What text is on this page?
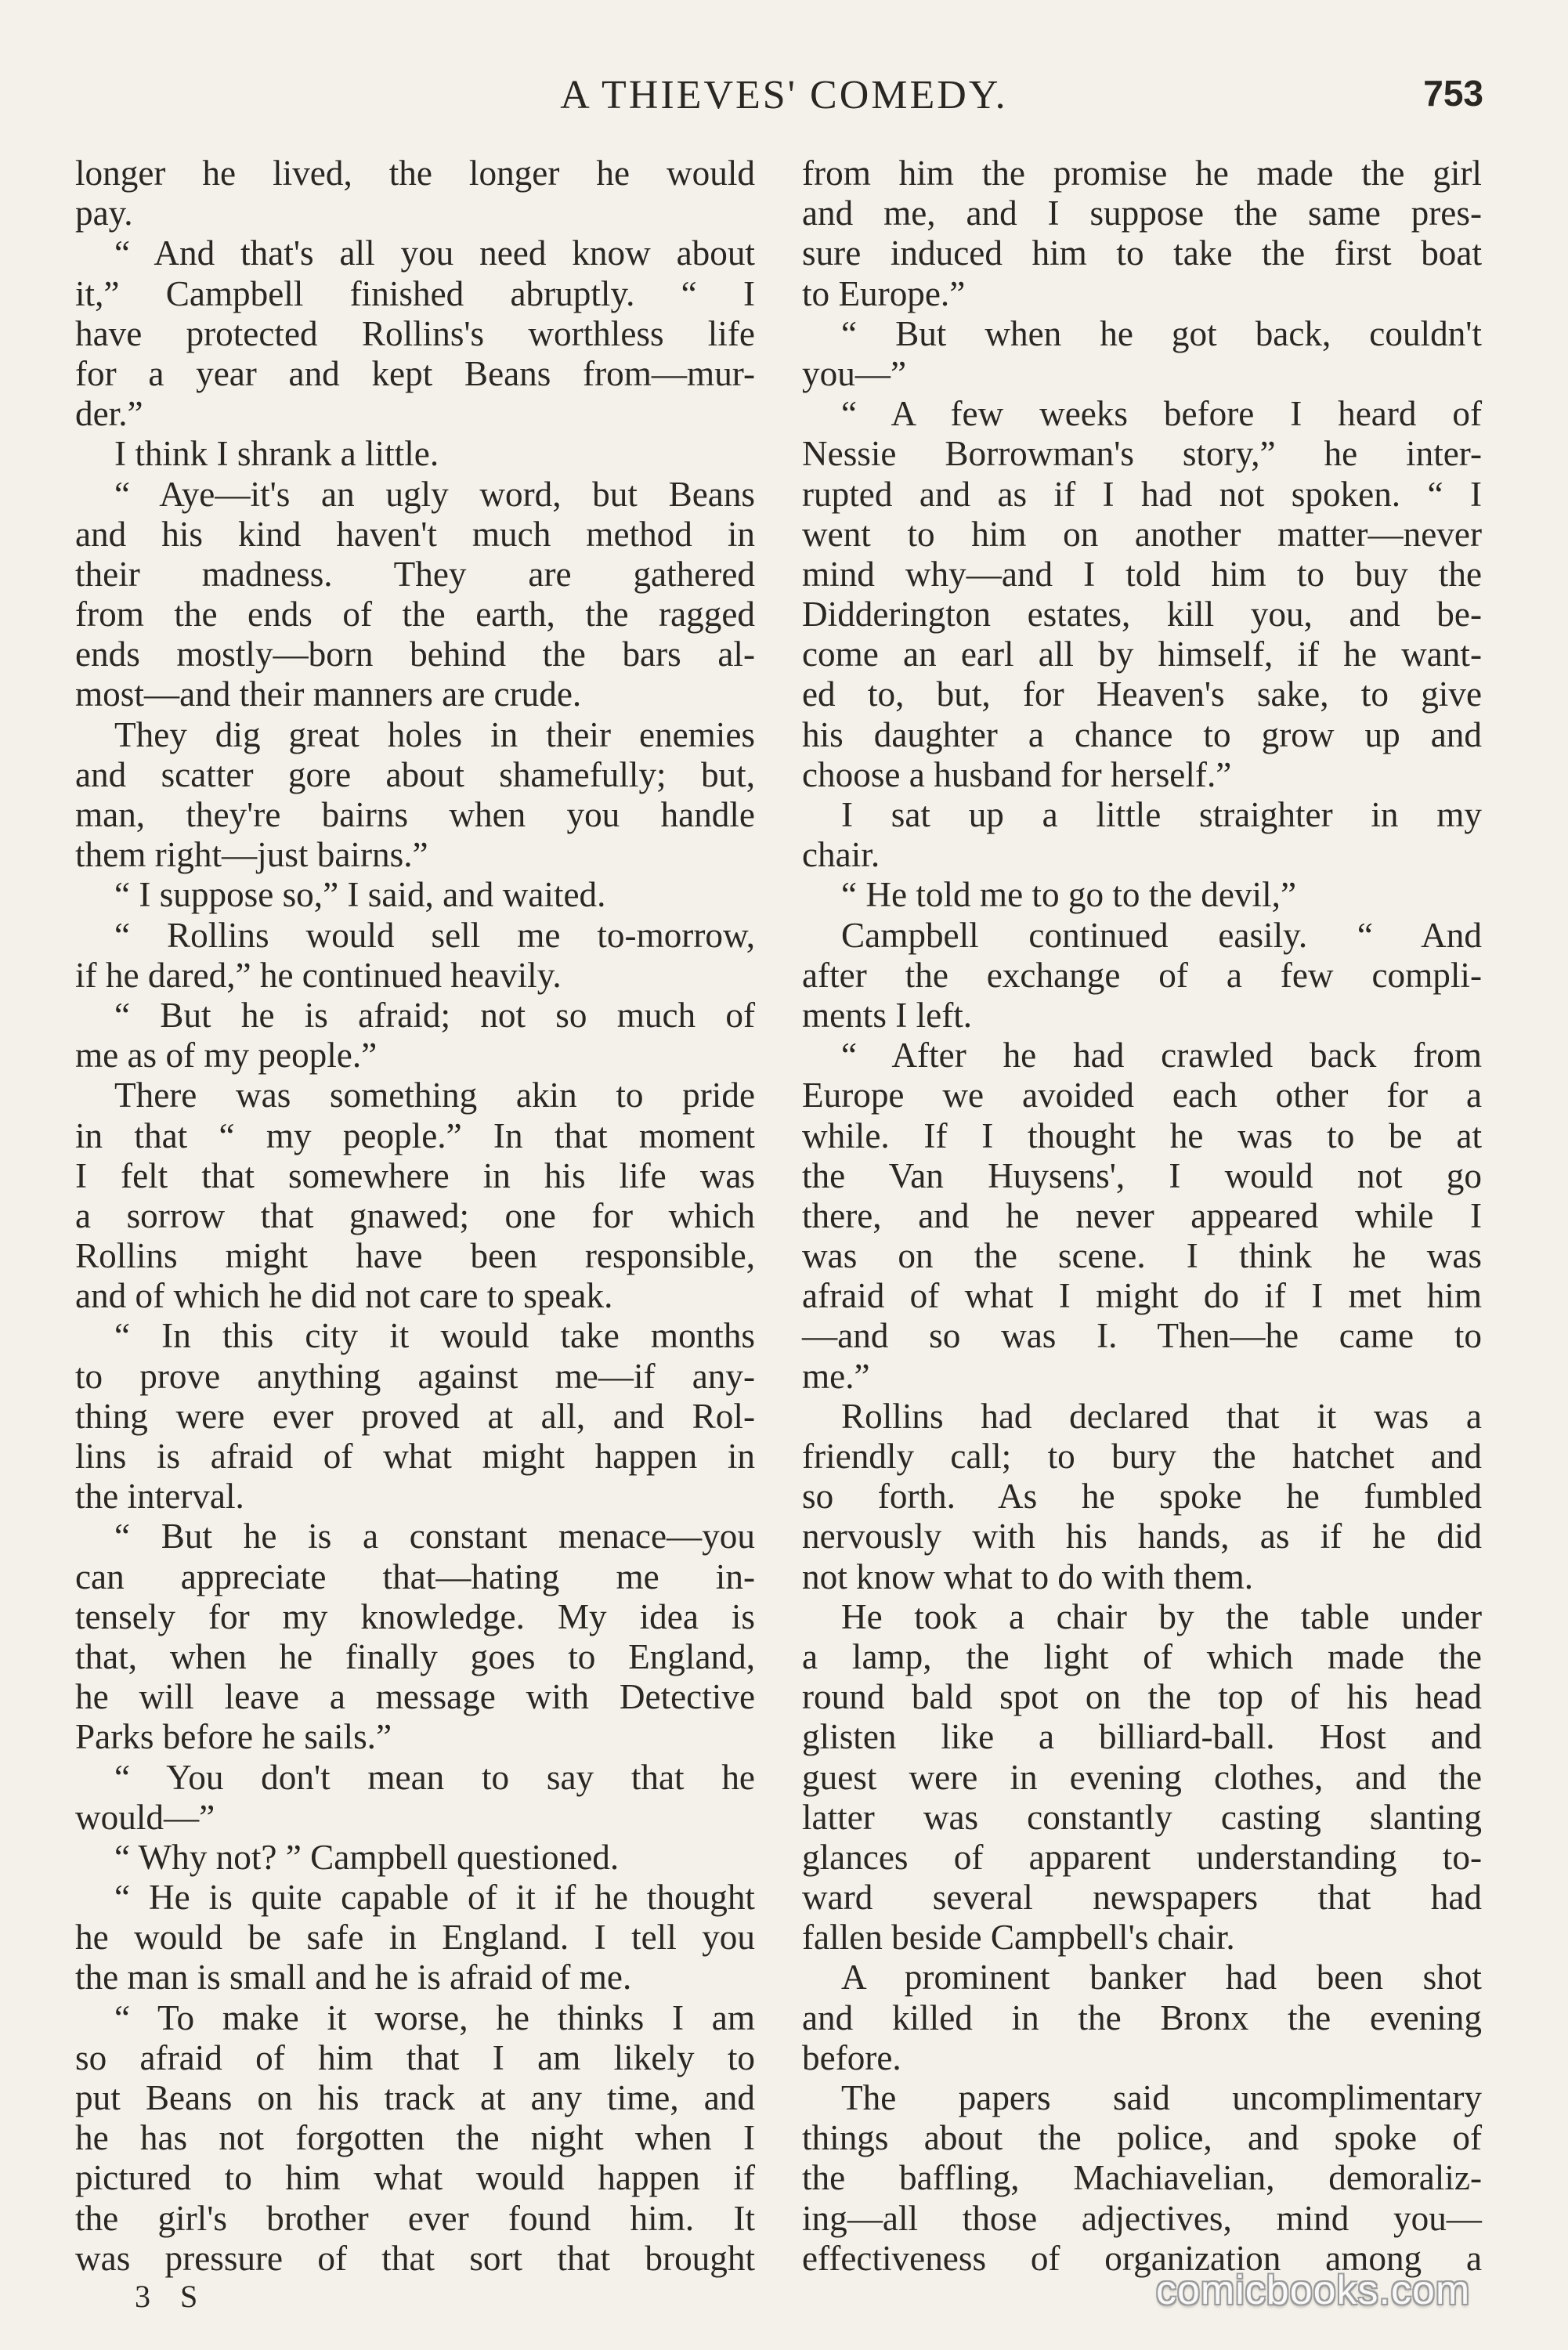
A THIEVES' COMEDY.	753
longer he lived, the longer he would
pay.
“ And that's all you need know about
it,” Campbell finished abruptly. “ I
have protected Rollins's worthless life
for a year and kept Beans from—mur-
der.”
I think I shrank a little.
“ Aye—it's an ugly word, but Beans
and his kind haven't much method in
their madness. They are gathered
from the ends of the earth, the ragged
ends mostly—born behind the bars al-
most—and their manners are crude.
They dig great holes in their enemies
and scatter gore about shamefully; but,
man, they're bairns when you handle
them right—just bairns.”
“ I suppose so,” I said, and waited.
“ Rollins would sell me to-morrow,
if he dared,” he continued heavily.
“ But he is afraid; not so much of
me as of my people.”
There was something akin to pride
in that “ my people.” In that moment
I felt that somewhere in his life was
a sorrow that gnawed; one for which
Rollins might have been responsible,
and of which he did not care to speak.
“ In this city it would take months
to prove anything against me—if any-
thing were ever proved at all, and Rol-
lins is afraid of what might happen in
the interval.
“ But he is a constant menace—you
can appreciate that—hating me in-
tensely for my knowledge. My idea is
that, when he finally goes to England,
he will leave a message with Detective
Parks before he sails.”
“ You don't mean to say that he
would—”
“ Why not? ” Campbell questioned.
“ He is quite capable of it if he thought
he would be safe in England. I tell you
the man is small and he is afraid of me.
“ To make it worse, he thinks I am
so afraid of him that I am likely to
put Beans on his track at any time, and
he has not forgotten the night when I
pictured to him what would happen if
the girl's brother ever found him. It
was pressure of that sort that brought
from him the promise he made the girl
and me, and I suppose the same pres-
sure induced him to take the first boat
to Europe.”
“ But when he got back, couldn't
you—”
“ A few weeks before I heard of
Nessie Borrowman's story,” he inter-
rupted and as if I had not spoken. “ I
went to him on another matter—never
mind why—and I told him to buy the
Didderington estates, kill you, and be-
come an earl all by himself, if he want-
ed to, but, for Heaven's sake, to give
his daughter a chance to grow up and
choose a husband for herself.”
I sat up a little straighter in my
chair.
“ He told me to go to the devil,”
Campbell continued easily. “ And
after the exchange of a few compli-
ments I left.
“ After he had crawled back from
Europe we avoided each other for a
while. If I thought he was to be at
the Van Huysens', I would not go
there, and he never appeared while I
was on the scene. I think he was
afraid of what I might do if I met him
—and so was I. Then—he came to
me.”
Rollins had declared that it was a
friendly call; to bury the hatchet and
so forth. As he spoke he fumbled
nervously with his hands, as if he did
not know what to do with them.
He took a chair by the table under
a lamp, the light of which made the
round bald spot on the top of his head
glisten like a billiard-ball. Host and
guest were in evening clothes, and the
latter was constantly casting slanting
glances of apparent understanding to-
ward several newspapers that had
fallen beside Campbell's chair.
A prominent banker had been shot
and killed in the Bronx the evening
before.
The papers said uncomplimentary
things about the police, and spoke of
the baffling, Machiavelian, demoraliz-
ing—all those adjectives, mind you—
effectiveness of organization among a
3 S	comicbooks.com
